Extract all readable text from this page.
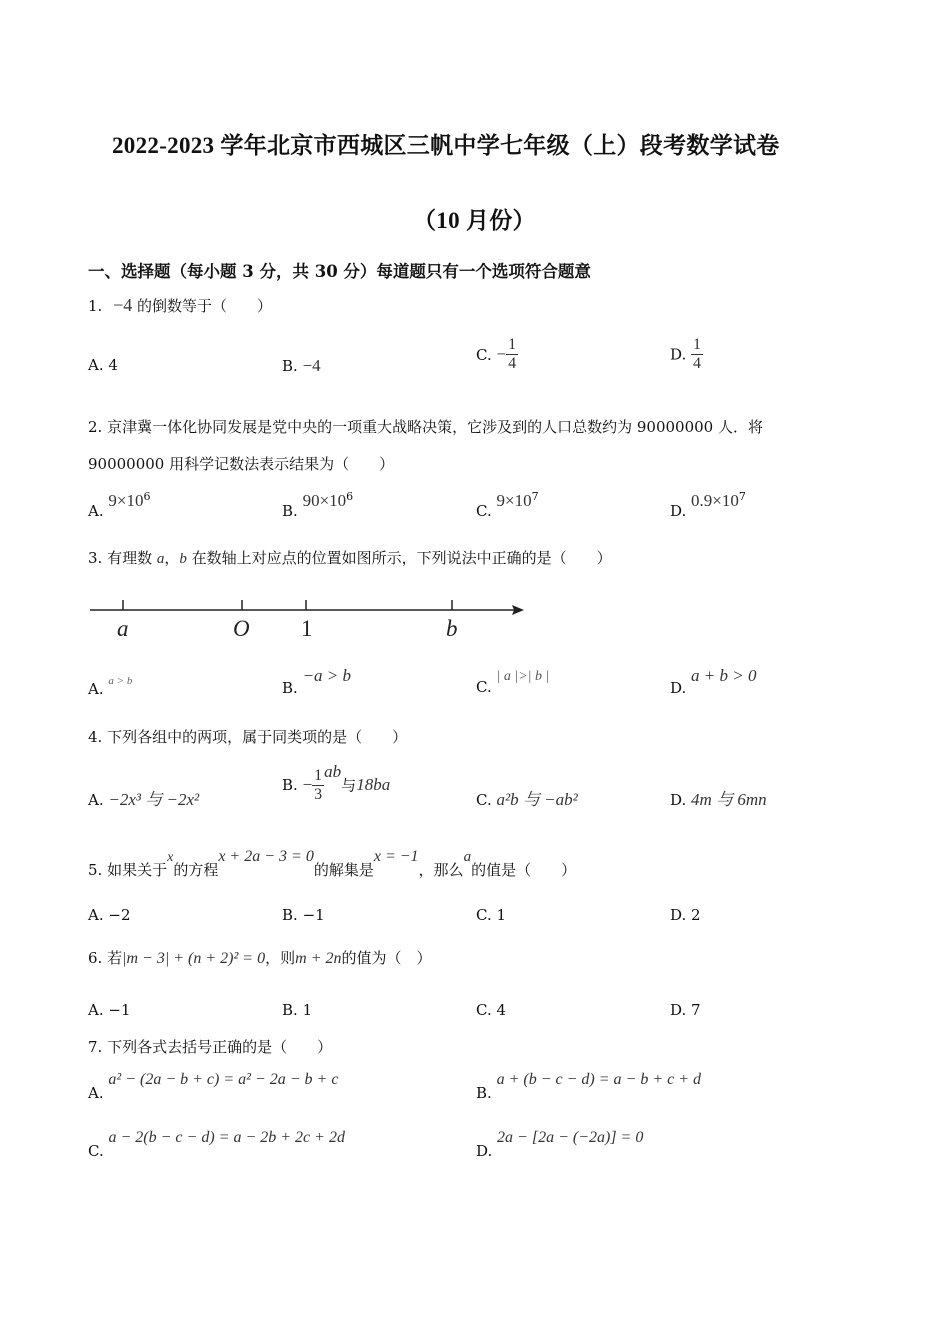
2022-2023 学年北京市西城区三帆中学七年级（上）段考数学试卷
（10 月份）
一、选择题（每小题 3 分，共 30 分）每道题只有一个选项符合题意
1. −4 的倒数等于（　　）
A. 4	B. −4
C. − $\frac{1}{4}$	D. $\frac{1}{4}$
2. 京津冀一体化协同发展是党中央的一项重大战略决策，它涉及到的人口总数约为 90000000 人．将
90000000 用科学记数法表示结果为（　　）
A. $9\times 10^6$
B. $90\times 10^6$
C. $9\times 10^7$
D. $0.9\times 10^7$
3. 有理数 a，b 在数轴上对应点的位置如图所示，下列说法中正确的是（　　）
a	O 1	b
A. a > b	B. −a > b
C. | a |>| b |
D. a + b > 0
4. 下列各组中的两项，属于同类项的是（　　）
A. −2x³ 与 −2x²
B. − $\frac{1}{3}$ ab与18ba
C. a²b 与 −ab²	D. 4m 与 6mn
5. 如果关于x的方程x + 2a − 3 = 0的解集是x = −1，那么a的值是（　　）
A. −2	B. −1	C. 1	D. 2
6. 若|m − 3| + (n + 2)² = 0，则m + 2n的值为（　）
A. −1	B. 1	C. 4	D. 7
7. 下列各式去括号正确的是（　　）
A. a² − (2a − b + c) = a² − 2a − b + c
B. a + (b − c − d) = a − b + c + d
C. a − 2(b − c − d) = a − 2b + 2c + 2d
D. 2a − [2a − (−2a)] = 0
